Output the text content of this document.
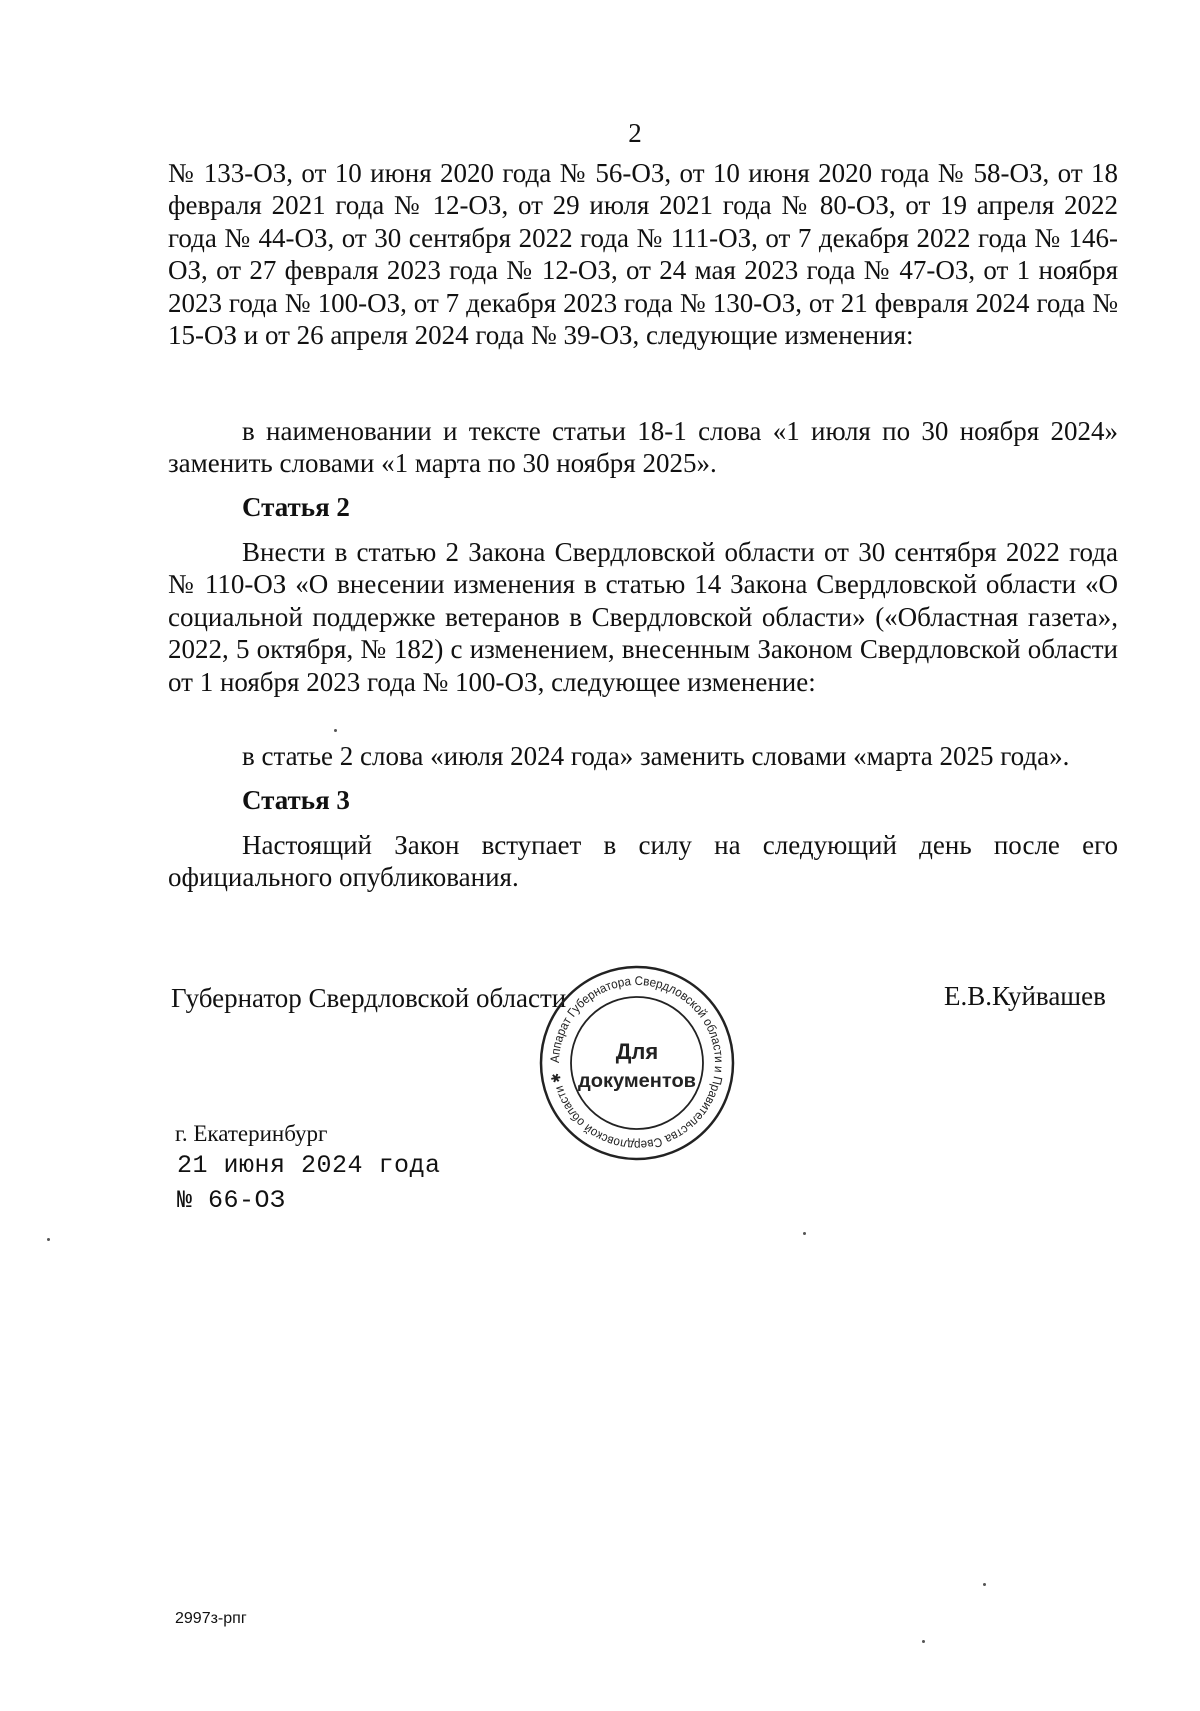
2

№ 133-ОЗ, от 10 июня 2020 года № 56-ОЗ, от 10 июня 2020 года № 58-ОЗ, от 18 февраля 2021 года № 12-ОЗ, от 29 июля 2021 года № 80-ОЗ, от 19 апреля 2022 года № 44-ОЗ, от 30 сентября 2022 года № 111-ОЗ, от 7 декабря 2022 года № 146-ОЗ, от 27 февраля 2023 года № 12-ОЗ, от 24 мая 2023 года № 47-ОЗ, от 1 ноября 2023 года № 100-ОЗ, от 7 декабря 2023 года № 130-ОЗ, от 21 февраля 2024 года № 15-ОЗ и от 26 апреля 2024 года № 39-ОЗ, следующие изменения:

в наименовании и тексте статьи 18-1 слова «1 июля по 30 ноября 2024» заменить словами «1 марта по 30 ноября 2025».

Статья 2

Внести в статью 2 Закона Свердловской области от 30 сентября 2022 года № 110-ОЗ «О внесении изменения в статью 14 Закона Свердловской области «О социальной поддержке ветеранов в Свердловской области» («Областная газета», 2022, 5 октября, № 182) с изменением, внесенным Законом Свердловской области от 1 ноября 2023 года № 100-ОЗ, следующее изменение:

в статье 2 слова «июля 2024 года» заменить словами «марта 2025 года».

Статья 3

Настоящий Закон вступает в силу на следующий день после его официального опубликования.

Губернатор Свердловской области	Е.В.Куйвашев
Аппарат Губернатора Свердловской области и Правительства Свердловской области ✱
Для
документов
г. Екатеринбург
21 июня 2024 года
№ 66-ОЗ
2997з-рпг
